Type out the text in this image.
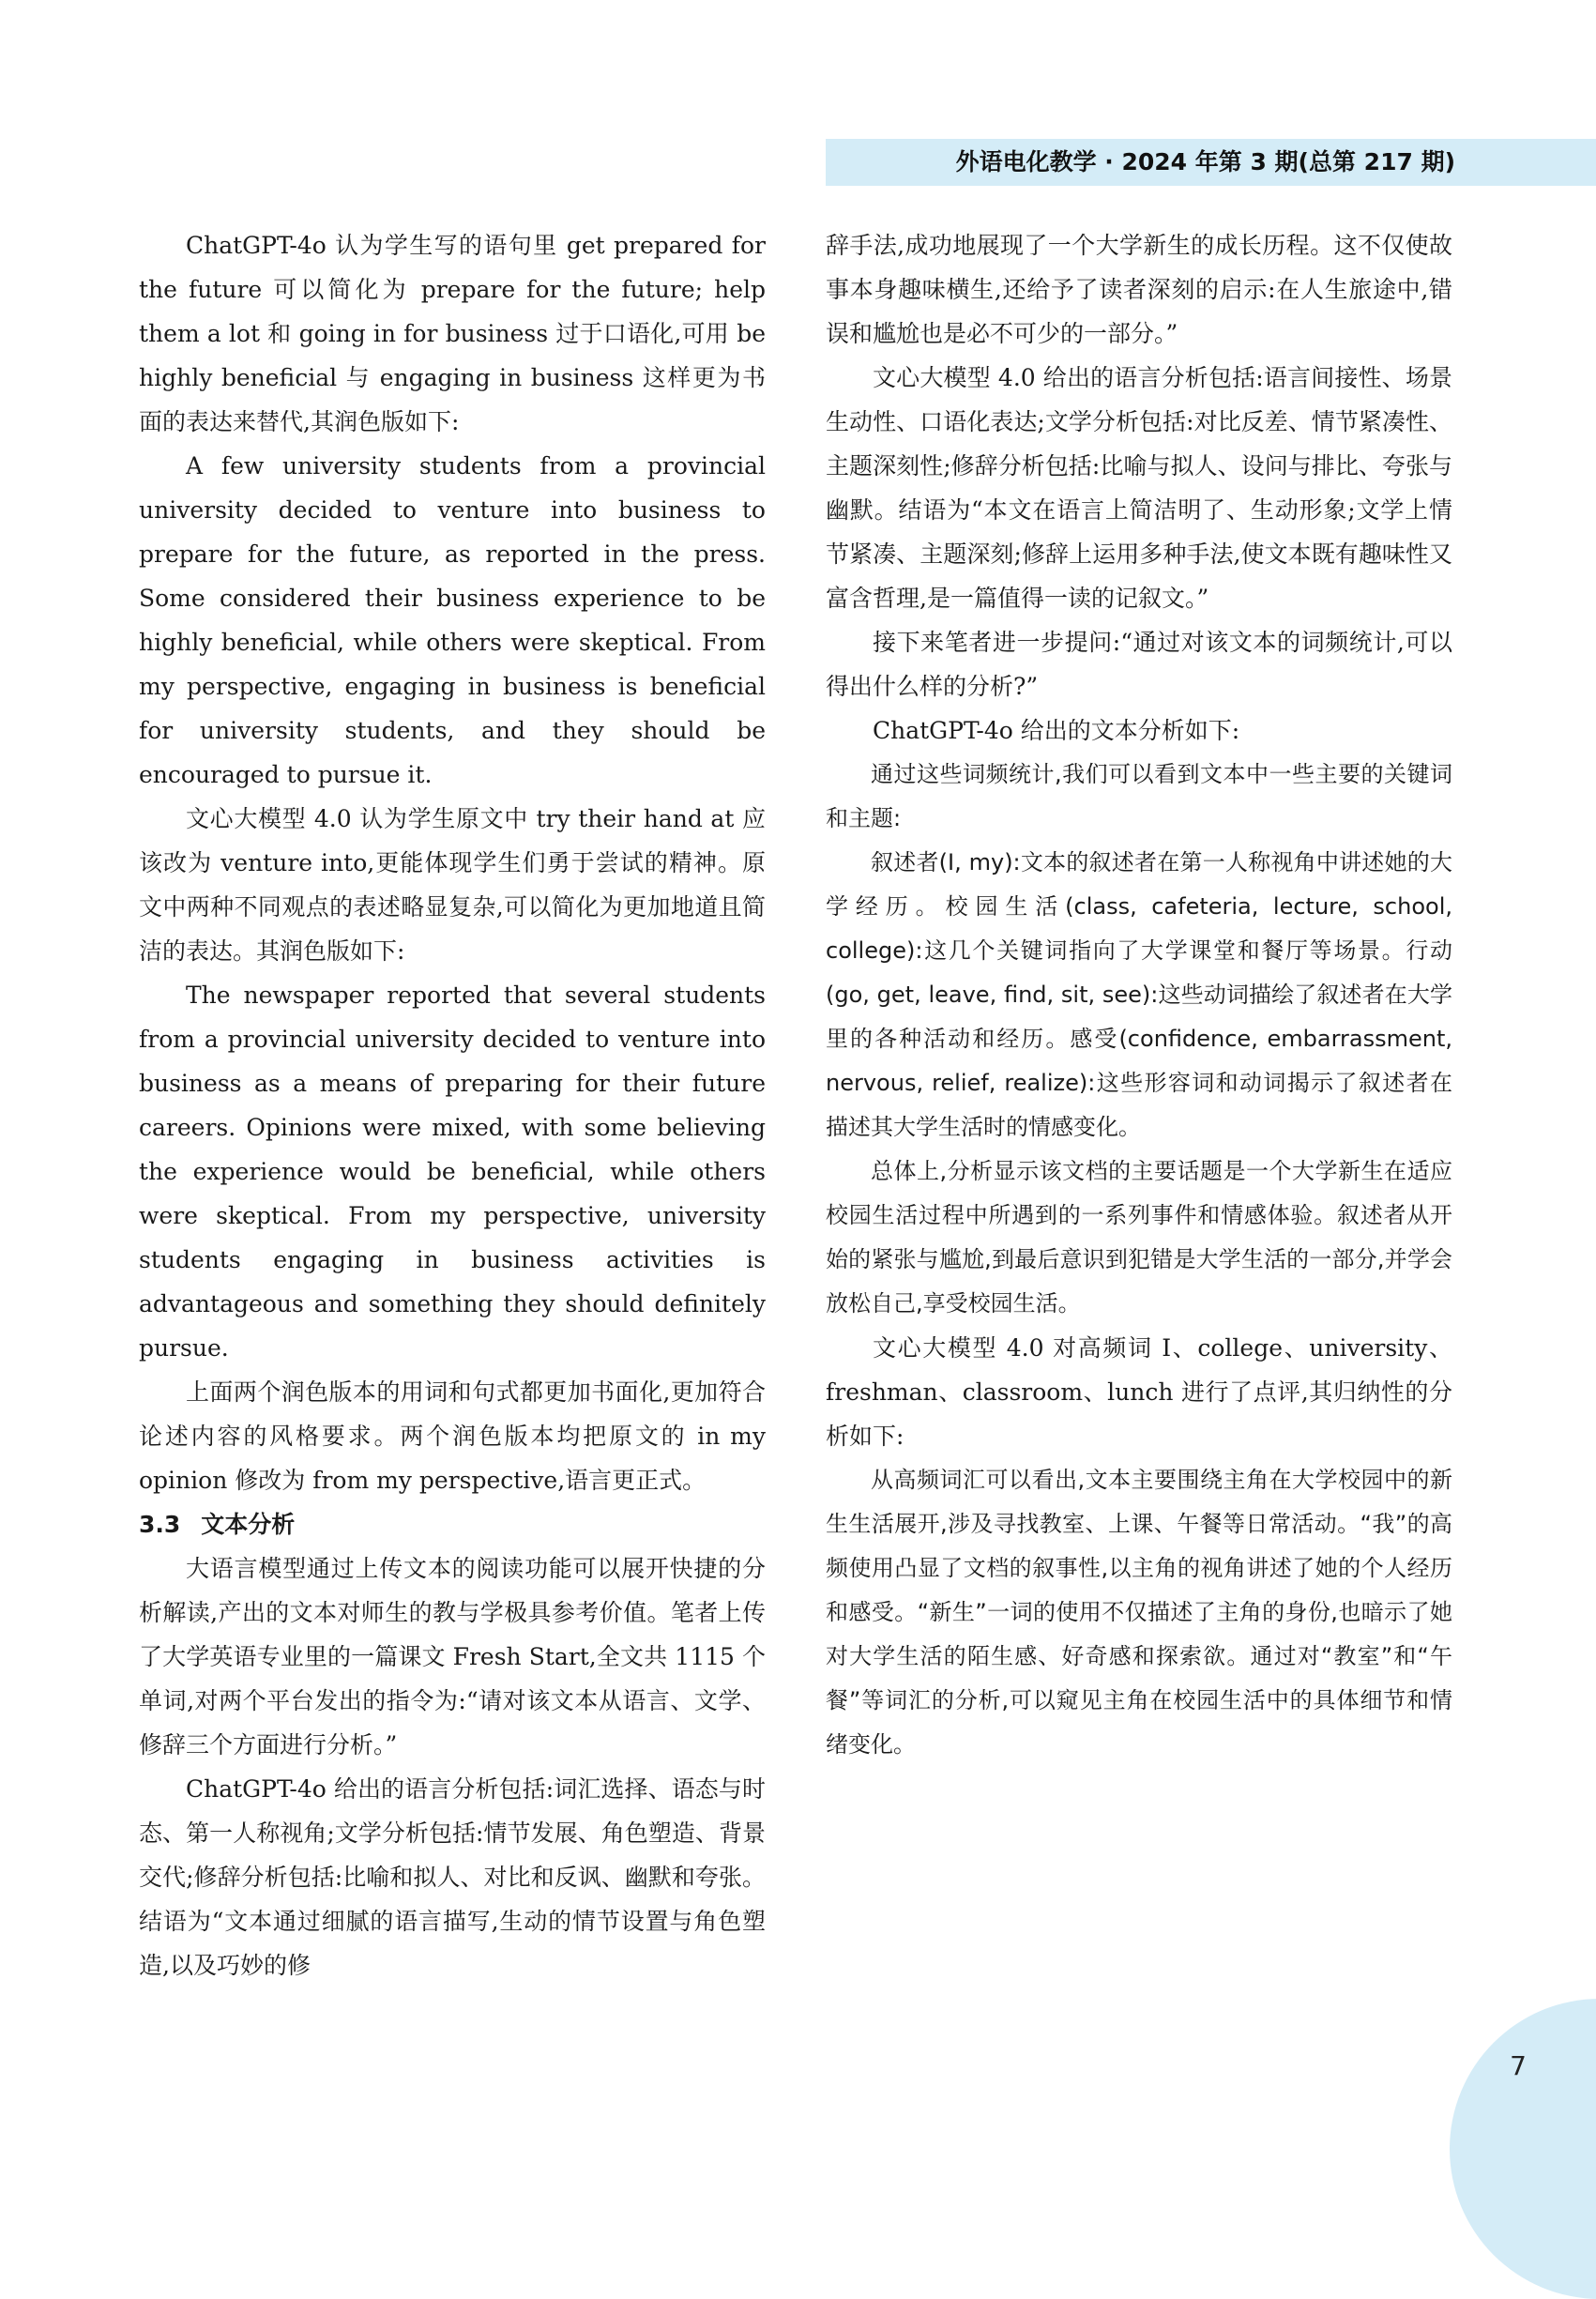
外语电化教学 · 2024 年第 3 期(总第 217 期)

ChatGPT-4o 认为学生写的语句里 get prepared for the future 可以简化为 prepare for the future; help them a lot 和 going in for business 过于口语化,可用 be highly beneficial 与 engaging in business 这样更为书面的表达来替代,其润色版如下:

A few university students from a provincial university decided to venture into business to prepare for the future, as reported in the press. Some considered their business experience to be highly beneficial, while others were skeptical. From my perspective, engaging in business is beneficial for university students, and they should be encouraged to pursue it.

文心大模型 4.0 认为学生原文中 try their hand at 应该改为 venture into,更能体现学生们勇于尝试的精神。原文中两种不同观点的表述略显复杂,可以简化为更加地道且简洁的表达。其润色版如下:

The newspaper reported that several students from a provincial university decided to venture into business as a means of preparing for their future careers. Opinions were mixed, with some believing the experience would be beneficial, while others were skeptical. From my perspective, university students engaging in business activities is advantageous and something they should definitely pursue.

上面两个润色版本的用词和句式都更加书面化,更加符合论述内容的风格要求。两个润色版本均把原文的 in my opinion 修改为 from my perspective,语言更正式。

3.3 文本分析

大语言模型通过上传文本的阅读功能可以展开快捷的分析解读,产出的文本对师生的教与学极具参考价值。笔者上传了大学英语专业里的一篇课文 Fresh Start,全文共 1115 个单词,对两个平台发出的指令为:“请对该文本从语言、文学、修辞三个方面进行分析。”

ChatGPT-4o 给出的语言分析包括:词汇选择、语态与时态、第一人称视角;文学分析包括:情节发展、角色塑造、背景交代;修辞分析包括:比喻和拟人、对比和反讽、幽默和夸张。结语为“文本通过细腻的语言描写,生动的情节设置与角色塑造,以及巧妙的修

辞手法,成功地展现了一个大学新生的成长历程。这不仅使故事本身趣味横生,还给予了读者深刻的启示:在人生旅途中,错误和尴尬也是必不可少的一部分。”

文心大模型 4.0 给出的语言分析包括:语言间接性、场景生动性、口语化表达;文学分析包括:对比反差、情节紧凑性、主题深刻性;修辞分析包括:比喻与拟人、设问与排比、夸张与幽默。结语为“本文在语言上简洁明了、生动形象;文学上情节紧凑、主题深刻;修辞上运用多种手法,使文本既有趣味性又富含哲理,是一篇值得一读的记叙文。”

接下来笔者进一步提问:“通过对该文本的词频统计,可以得出什么样的分析?”

ChatGPT-4o 给出的文本分析如下:

通过这些词频统计,我们可以看到文本中一些主要的关键词和主题:

叙述者(I, my):文本的叙述者在第一人称视角中讲述她的大学经历。校园生活(class, cafeteria, lecture, school, college):这几个关键词指向了大学课堂和餐厅等场景。行动(go, get, leave, find, sit, see):这些动词描绘了叙述者在大学里的各种活动和经历。感受(confidence, embarrassment, nervous, relief, realize):这些形容词和动词揭示了叙述者在描述其大学生活时的情感变化。

总体上,分析显示该文档的主要话题是一个大学新生在适应校园生活过程中所遇到的一系列事件和情感体验。叙述者从开始的紧张与尴尬,到最后意识到犯错是大学生活的一部分,并学会放松自己,享受校园生活。

文心大模型 4.0 对高频词 I、college、university、freshman、classroom、lunch 进行了点评,其归纳性的分析如下:

从高频词汇可以看出,文本主要围绕主角在大学校园中的新生生活展开,涉及寻找教室、上课、午餐等日常活动。“我”的高频使用凸显了文档的叙事性,以主角的视角讲述了她的个人经历和感受。“新生”一词的使用不仅描述了主角的身份,也暗示了她对大学生活的陌生感、好奇感和探索欲。通过对“教室”和“午餐”等词汇的分析,可以窥见主角在校园生活中的具体细节和情绪变化。

7
